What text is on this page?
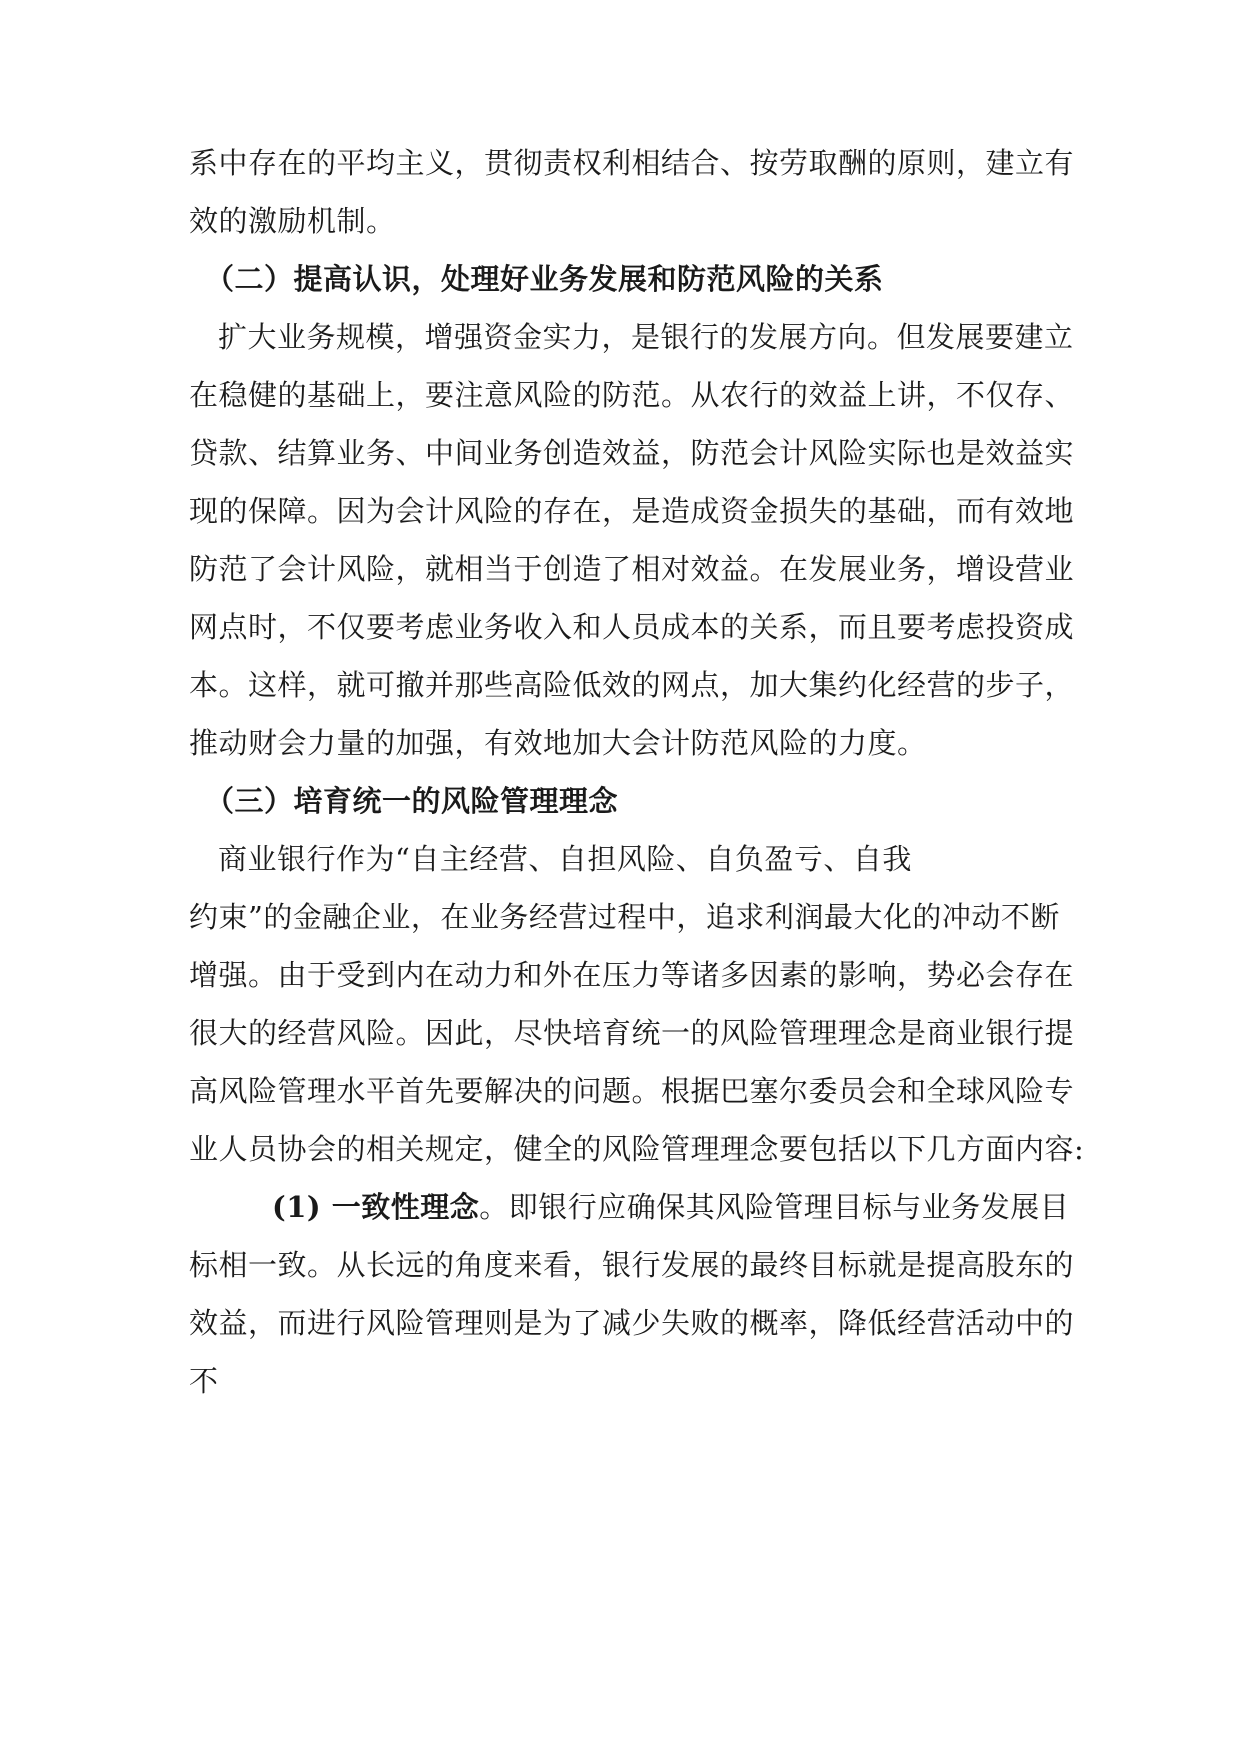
系中存在的平均主义，贯彻责权利相结合、按劳取酬的原则，建立有
效的激励机制。
（二）提高认识，处理好业务发展和防范风险的关系
扩大业务规模，增强资金实力，是银行的发展方向。但发展要建立
在稳健的基础上，要注意风险的防范。从农行的效益上讲，不仅存、
贷款、结算业务、中间业务创造效益，防范会计风险实际也是效益实
现的保障。因为会计风险的存在，是造成资金损失的基础，而有效地
防范了会计风险，就相当于创造了相对效益。在发展业务，增设营业
网点时，不仅要考虑业务收入和人员成本的关系，而且要考虑投资成
本。这样，就可撤并那些高险低效的网点，加大集约化经营的步子，
推动财会力量的加强，有效地加大会计防范风险的力度。
（三）培育统一的风险管理理念
商业银行作为“自主经营、自担风险、自负盈亏、自我
约束”的金融企业，在业务经营过程中，追求利润最大化的冲动不断
增强。由于受到内在动力和外在压力等诸多因素的影响，势必会存在
很大的经营风险。因此，尽快培育统一的风险管理理念是商业银行提
高风险管理水平首先要解决的问题。根据巴塞尔委员会和全球风险专
业人员协会的相关规定，健全的风险管理理念要包括以下几方面内容:
(1) 一致性理念。即银行应确保其风险管理目标与业务发展目
标相一致。从长远的角度来看，银行发展的最终目标就是提高股东的
效益，而进行风险管理则是为了减少失败的概率，降低经营活动中的
不
